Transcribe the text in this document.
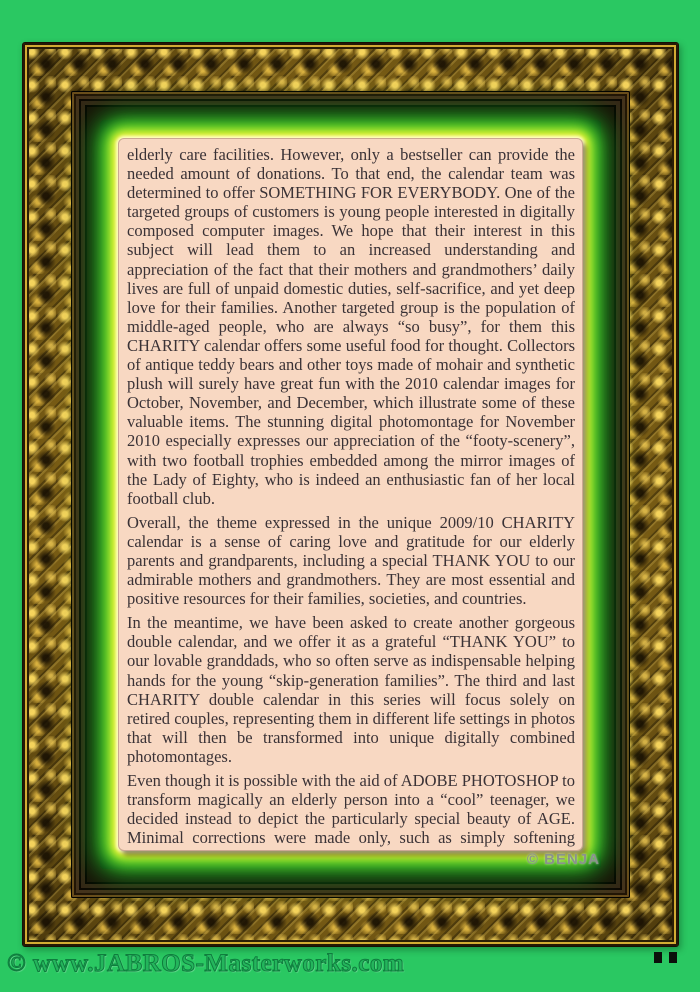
elderly care facilities. However, only a bestseller can provide the needed amount of donations. To that end, the calendar team was determined to offer SOMETHING FOR EVERYBODY. One of the targeted groups of customers is young people interested in digitally composed computer images. We hope that their interest in this subject will lead them to an increased understanding and appreciation of the fact that their mothers and grandmothers’ daily lives are full of unpaid domestic duties, self-sacrifice, and yet deep love for their families. Another targeted group is the population of middle-aged people, who are always “so busy”, for them this CHARITY calendar offers some useful food for thought. Collectors of antique teddy bears and other toys made of mohair and synthetic plush will surely have great fun with the 2010 calendar images for October, November, and December, which illustrate some of these valuable items. The stunning digital photomontage for November 2010 especially expresses our appreciation of the “footy-scenery”, with two football trophies embedded among the mirror images of the Lady of Eighty, who is indeed an enthusiastic fan of her local football club.

Overall, the theme expressed in the unique 2009/10 CHARITY calendar is a sense of caring love and gratitude for our elderly parents and grandparents, including a special THANK YOU to our admirable mothers and grandmothers. They are most essential and positive resources for their families, societies, and countries.

In the meantime, we have been asked to create another gorgeous double calendar, and we offer it as a grateful “THANK YOU” to our lovable granddads, who so often serve as indispensable helping hands for the young “skip-generation families”. The third and last CHARITY double calendar in this series will focus solely on retired couples, representing them in different life settings in photos that will then be transformed into unique digitally combined photomontages.

Even though it is possible with the aid of ADOBE PHOTOSHOP to transform magically an elderly person into a “cool” teenager, we decided instead to depict the particularly special beauty of AGE. Minimal corrections were made only, such as simply softening

© BENJA
© www.JABROS-Masterworks.com
